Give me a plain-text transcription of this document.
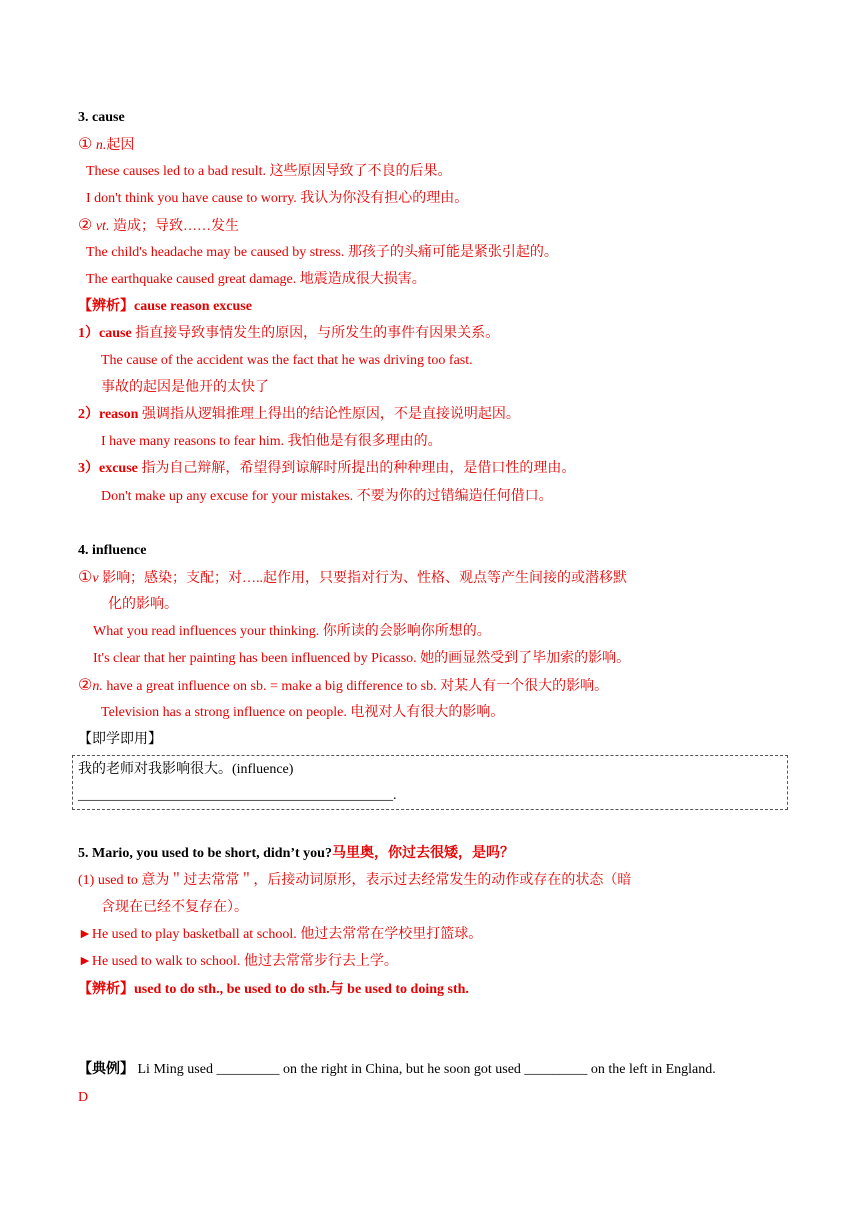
3. cause
① n.起因
These causes led to a bad result. 这些原因导致了不良的后果。
I don't think you have cause to worry. 我认为你没有担心的理由。
② vt. 造成；导致……发生
The child's headache may be caused by stress. 那孩子的头痛可能是紧张引起的。
The earthquake caused great damage. 地震造成很大损害。
【辨析】cause reason excuse
1）cause 指直接导致事情发生的原因，与所发生的事件有因果关系。
The cause of the accident was the fact that he was driving too fast.
事故的起因是他开的太快了
2）reason 强调指从逻辑推理上得出的结论性原因，不是直接说明起因。
I have many reasons to fear him. 我怕他是有很多理由的。
3）excuse 指为自己辩解，希望得到谅解时所提出的种种理由，是借口性的理由。
Don't make up any excuse for your mistakes. 不要为你的过错编造任何借口。
4. influence
①v 影响；感染；支配；对…..起作用，只要指对行为、性格、观点等产生间接的或潜移默
化的影响。
What you read influences your thinking. 你所读的会影响你所想的。
It's clear that her painting has been influenced by Picasso. 她的画显然受到了毕加索的影响。
②n. have a great influence on sb. = make a big difference to sb. 对某人有一个很大的影响。
Television has a strong influence on people. 电视对人有很大的影响。
【即学即用】
我的老师对我影响很大。(influence)
_____________________________________________.
5. Mario, you used to be short, didn’t you?马里奥，你过去很矮，是吗？
(1) used to 意为＂过去常常＂，后接动词原形，表示过去经常发生的动作或存在的状态（暗
含现在已经不复存在）。
►He used to play basketball at school. 他过去常常在学校里打篮球。
►He used to walk to school. 他过去常常步行去上学。
【辨析】used to do sth., be used to do sth.与 be used to doing sth.
【典例】 Li Ming used _________ on the right in China, but he soon got used _________ on the left in England.
D
